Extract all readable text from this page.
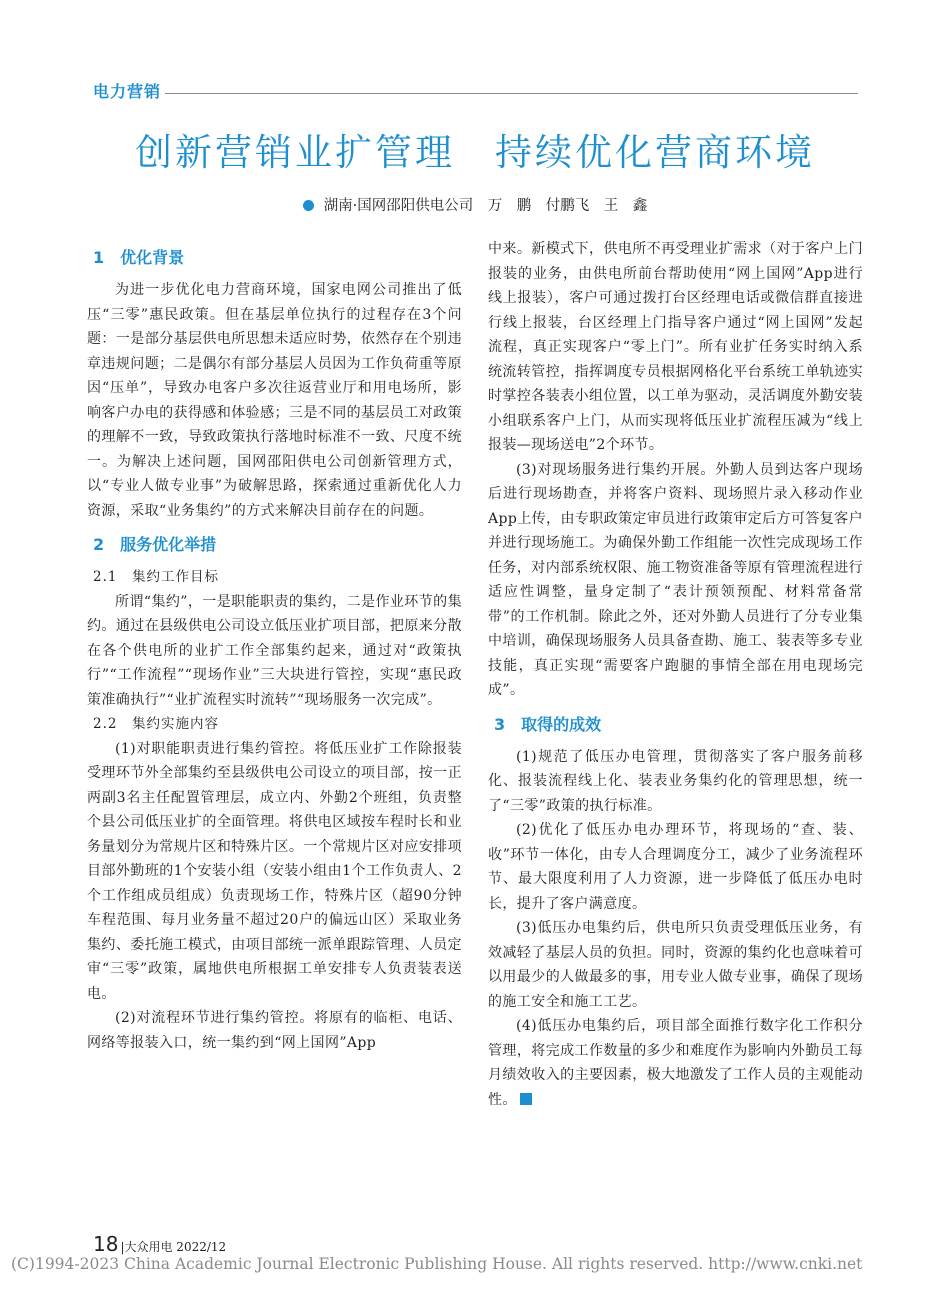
电力营销
创新营销业扩管理　持续优化营商环境
湖南·国网邵阳供电公司　万　鹏　付鹏飞　王　鑫
1　优化背景

为进一步优化电力营商环境，国家电网公司推出了低压“三零”惠民政策。但在基层单位执行的过程存在3个问题：一是部分基层供电所思想未适应时势，依然存在个别违章违规问题；二是偶尔有部分基层人员因为工作负荷重等原因“压单”，导致办电客户多次往返营业厅和用电场所，影响客户办电的获得感和体验感；三是不同的基层员工对政策的理解不一致，导致政策执行落地时标准不一致、尺度不统一。为解决上述问题，国网邵阳供电公司创新管理方式，以“专业人做专业事”为破解思路，探索通过重新优化人力资源，采取“业务集约”的方式来解决目前存在的问题。

2　服务优化举措
2.1　集约工作目标

所谓“集约”，一是职能职责的集约，二是作业环节的集约。通过在县级供电公司设立低压业扩项目部，把原来分散在各个供电所的业扩工作全部集约起来，通过对“政策执行”“工作流程”“现场作业”三大块进行管控，实现“惠民政策准确执行”“业扩流程实时流转”“现场服务一次完成”。

2.2　集约实施内容

(1)对职能职责进行集约管控。将低压业扩工作除报装受理环节外全部集约至县级供电公司设立的项目部，按一正两副3名主任配置管理层，成立内、外勤2个班组，负责整个县公司低压业扩的全面管理。将供电区域按车程时长和业务量划分为常规片区和特殊片区。一个常规片区对应安排项目部外勤班的1个安装小组（安装小组由1个工作负责人、2个工作组成员组成）负责现场工作，特殊片区（超90分钟车程范围、每月业务量不超过20户的偏远山区）采取业务集约、委托施工模式，由项目部统一派单跟踪管理、人员定审“三零”政策，属地供电所根据工单安排专人负责装表送电。

(2)对流程环节进行集约管控。将原有的临柜、电话、网络等报装入口，统一集约到“网上国网”App

中来。新模式下，供电所不再受理业扩需求（对于客户上门报装的业务，由供电所前台帮助使用“网上国网”App进行线上报装），客户可通过拨打台区经理电话或微信群直接进行线上报装，台区经理上门指导客户通过“网上国网”发起流程，真正实现客户“零上门”。所有业扩任务实时纳入系统流转管控，指挥调度专员根据网格化平台系统工单轨迹实时掌控各装表小组位置，以工单为驱动，灵活调度外勤安装小组联系客户上门，从而实现将低压业扩流程压减为“线上报装—现场送电”2个环节。

(3)对现场服务进行集约开展。外勤人员到达客户现场后进行现场勘查，并将客户资料、现场照片录入移动作业App上传，由专职政策定审员进行政策审定后方可答复客户并进行现场施工。为确保外勤工作组能一次性完成现场工作任务，对内部系统权限、施工物资准备等原有管理流程进行适应性调整，量身定制了“表计预领预配、材料常备常带”的工作机制。除此之外，还对外勤人员进行了分专业集中培训，确保现场服务人员具备查勘、施工、装表等多专业技能，真正实现“需要客户跑腿的事情全部在用电现场完成”。

3　取得的成效

(1)规范了低压办电管理，贯彻落实了客户服务前移化、报装流程线上化、装表业务集约化的管理思想，统一了“三零”政策的执行标准。

(2)优化了低压办电办理环节，将现场的“查、装、收”环节一体化，由专人合理调度分工，减少了业务流程环节、最大限度利用了人力资源，进一步降低了低压办电时长，提升了客户满意度。

(3)低压办电集约后，供电所只负责受理低压业务，有效减轻了基层人员的负担。同时，资源的集约化也意味着可以用最少的人做最多的事，用专业人做专业事，确保了现场的施工安全和施工工艺。

(4)低压办电集约后，项目部全面推行数字化工作积分管理，将完成工作数量的多少和难度作为影响内外勤员工每月绩效收入的主要因素，极大地激发了工作人员的主观能动性。

18 |大众用电 2022/12
(C)1994-2023 China Academic Journal Electronic Publishing House. All rights reserved. http://www.cnki.net
